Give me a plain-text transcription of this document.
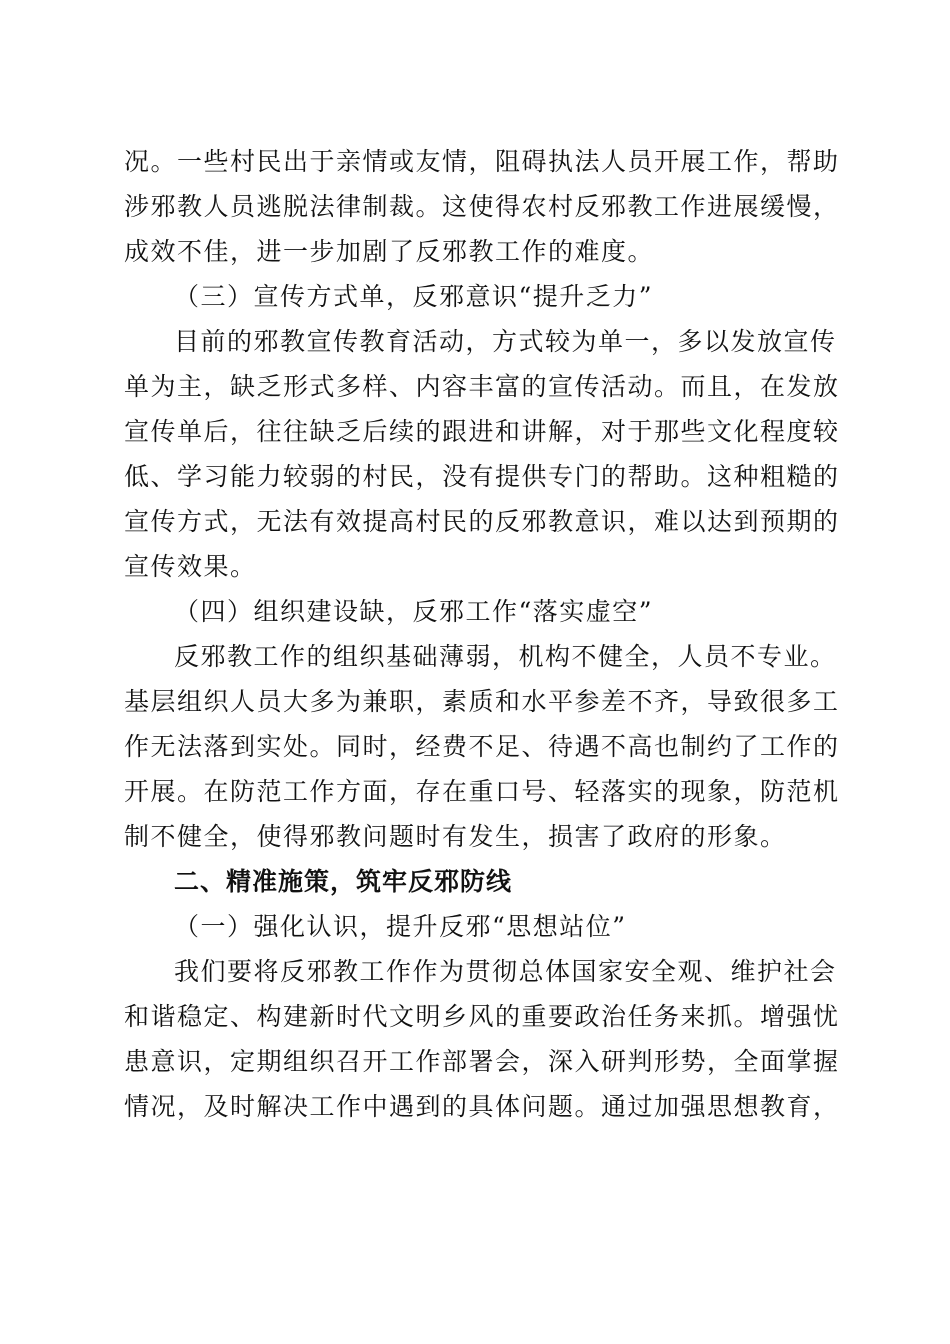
况。一些村民出于亲情或友情，阻碍执法人员开展工作，帮助
涉邪教人员逃脱法律制裁。这使得农村反邪教工作进展缓慢，
成效不佳，进一步加剧了反邪教工作的难度。
（三）宣传方式单，反邪意识“提升乏力”
目前的邪教宣传教育活动，方式较为单一，多以发放宣传
单为主，缺乏形式多样、内容丰富的宣传活动。而且，在发放
宣传单后，往往缺乏后续的跟进和讲解，对于那些文化程度较
低、学习能力较弱的村民，没有提供专门的帮助。这种粗糙的
宣传方式，无法有效提高村民的反邪教意识，难以达到预期的
宣传效果。
（四）组织建设缺，反邪工作“落实虚空”
反邪教工作的组织基础薄弱，机构不健全，人员不专业。
基层组织人员大多为兼职，素质和水平参差不齐，导致很多工
作无法落到实处。同时，经费不足、待遇不高也制约了工作的
开展。在防范工作方面，存在重口号、轻落实的现象，防范机
制不健全，使得邪教问题时有发生，损害了政府的形象。
二、精准施策，筑牢反邪防线
（一）强化认识，提升反邪“思想站位”
我们要将反邪教工作作为贯彻总体国家安全观、维护社会
和谐稳定、构建新时代文明乡风的重要政治任务来抓。增强忧
患意识，定期组织召开工作部署会，深入研判形势，全面掌握
情况，及时解决工作中遇到的具体问题。通过加强思想教育，
